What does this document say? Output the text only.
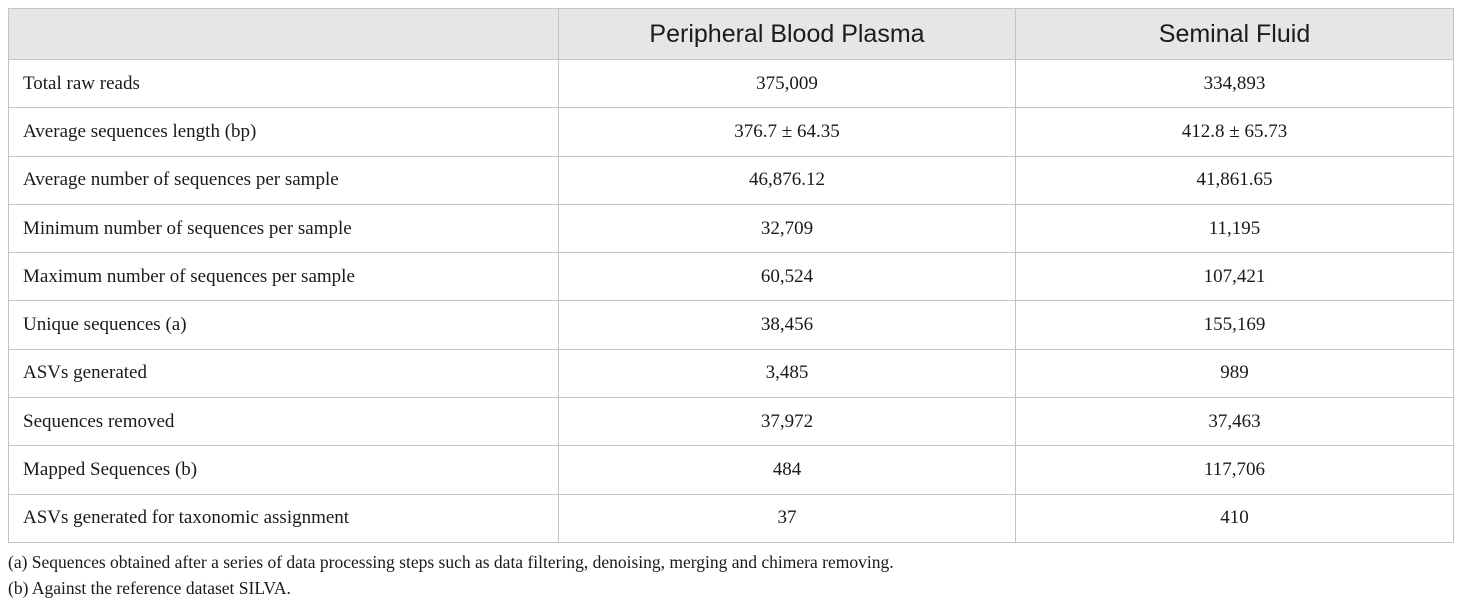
	Peripheral Blood Plasma	Seminal Fluid
Total raw reads	375,009	334,893
Average sequences length (bp)	376.7 ± 64.35	412.8 ± 65.73
Average number of sequences per sample	46,876.12	41,861.65
Minimum number of sequences per sample	32,709	11,195
Maximum number of sequences per sample	60,524	107,421
Unique sequences (a)	38,456	155,169
ASVs generated	3,485	989
Sequences removed	37,972	37,463
Mapped Sequences (b)	484	117,706
ASVs generated for taxonomic assignment	37	410
(a) Sequences obtained after a series of data processing steps such as data filtering, denoising, merging and chimera removing.
(b) Against the reference dataset SILVA.
